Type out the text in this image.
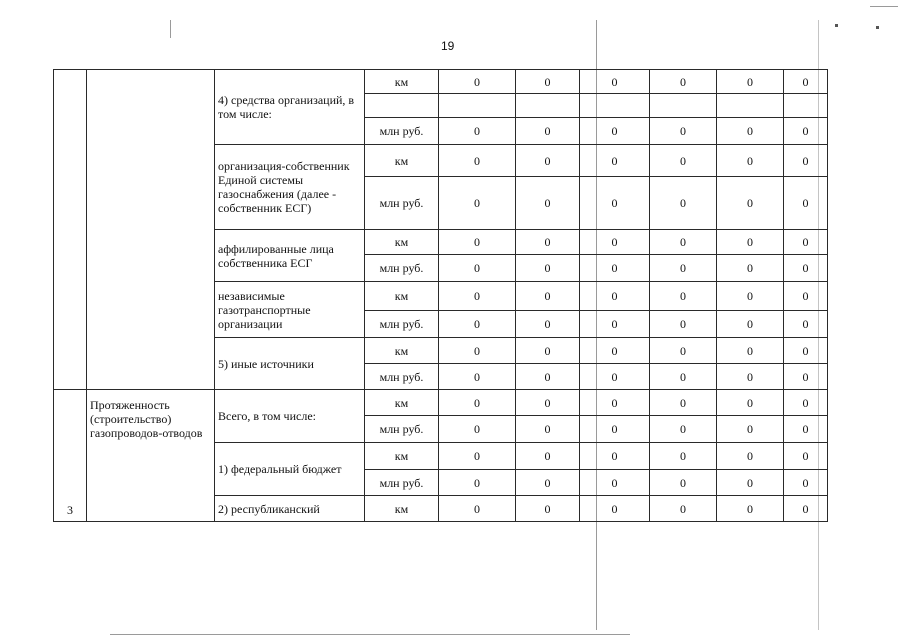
19
		4) средства организаций, в том числе:	км	0	0	0	0	0	0

			млн руб.	0	0	0	0	0	0
		организация-собственник Единой системы газоснабжения (далее - собственник ЕСГ)	км	0	0	0	0	0	0
			млн руб.	0	0	0	0	0	0
		аффилированные лица собственника ЕСГ	км	0	0	0	0	0	0
			млн руб.	0	0	0	0	0	0
		независимые газотранспортные организации	км	0	0	0	0	0	0
			млн руб.	0	0	0	0	0	0
		5) иные источники	км	0	0	0	0	0	0
			млн руб.	0	0	0	0	0	0
3	Протяженность (строительство) газопроводов-отводов	Всего, в том числе:	км	0	0	0	0	0	0
			млн руб.	0	0	0	0	0	0
		1) федеральный бюджет	км	0	0	0	0	0	0
			млн руб.	0	0	0	0	0	0
		2) республиканский	км	0	0	0	0	0	0
